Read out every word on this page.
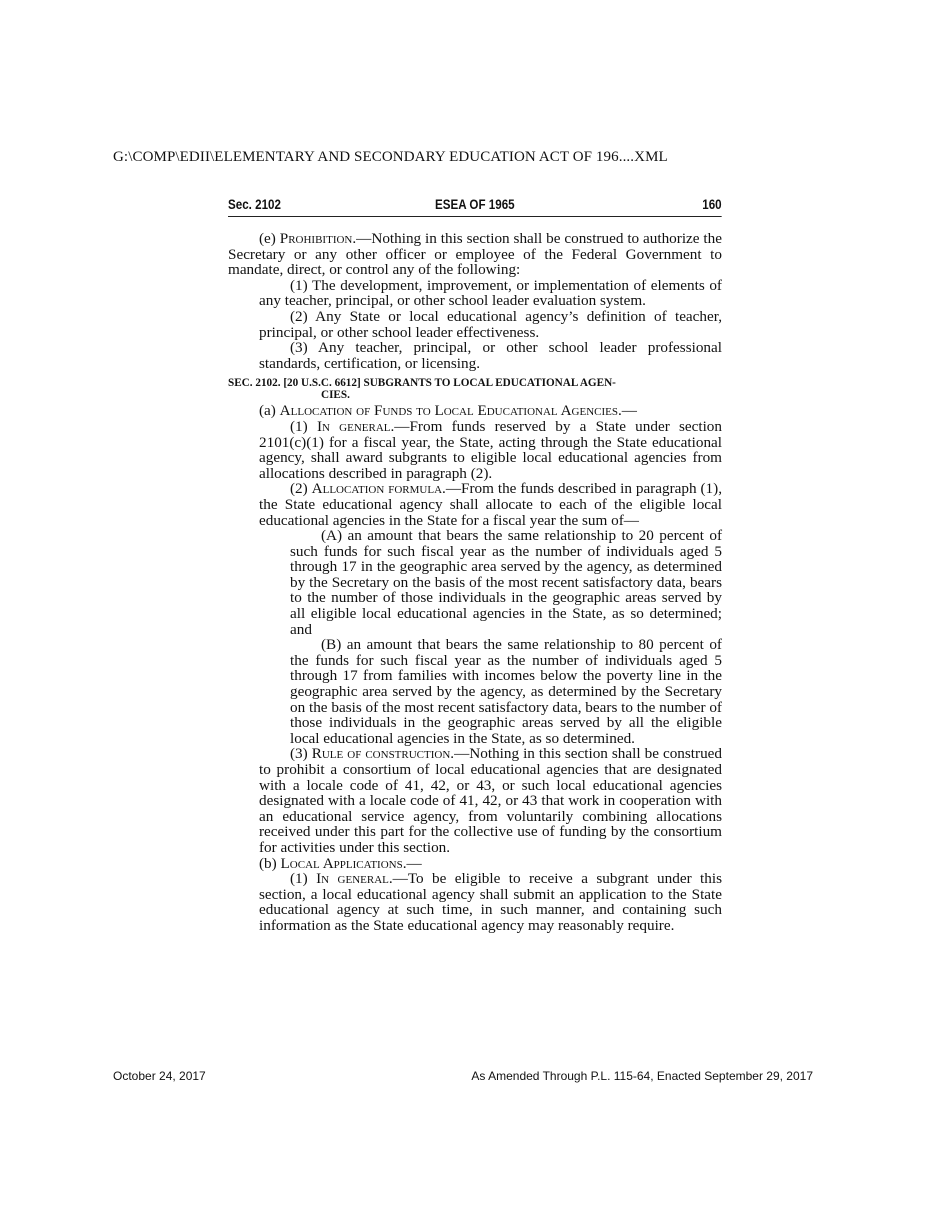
G:\COMP\EDII\ELEMENTARY AND SECONDARY EDUCATION ACT OF 196....XML
Sec. 2102	ESEA OF 1965	160

(e) Prohibition.—Nothing in this section shall be construed to authorize the Secretary or any other officer or employee of the Federal Government to mandate, direct, or control any of the following:

(1) The development, improvement, or implementation of elements of any teacher, principal, or other school leader evaluation system.

(2) Any State or local educational agency’s definition of teacher, principal, or other school leader effectiveness.

(3) Any teacher, principal, or other school leader professional standards, certification, or licensing.

SEC. 2102. [20 U.S.C. 6612] SUBGRANTS TO LOCAL EDUCATIONAL AGEN-
CIES.

(a) Allocation of Funds to Local Educational Agencies.—

(1) In general.—From funds reserved by a State under section 2101(c)(1) for a fiscal year, the State, acting through the State educational agency, shall award subgrants to eligible local educational agencies from allocations described in paragraph (2).

(2) Allocation formula.—From the funds described in paragraph (1), the State educational agency shall allocate to each of the eligible local educational agencies in the State for a fiscal year the sum of—

(A) an amount that bears the same relationship to 20 percent of such funds for such fiscal year as the number of individuals aged 5 through 17 in the geographic area served by the agency, as determined by the Secretary on the basis of the most recent satisfactory data, bears to the number of those individuals in the geographic areas served by all eligible local educational agencies in the State, as so determined; and

(B) an amount that bears the same relationship to 80 percent of the funds for such fiscal year as the number of individuals aged 5 through 17 from families with incomes below the poverty line in the geographic area served by the agency, as determined by the Secretary on the basis of the most recent satisfactory data, bears to the number of those individuals in the geographic areas served by all the eligible local educational agencies in the State, as so determined.

(3) Rule of construction.—Nothing in this section shall be construed to prohibit a consortium of local educational agencies that are designated with a locale code of 41, 42, or 43, or such local educational agencies designated with a locale code of 41, 42, or 43 that work in cooperation with an educational service agency, from voluntarily combining allocations received under this part for the collective use of funding by the consortium for activities under this section.

(b) Local Applications.—

(1) In general.—To be eligible to receive a subgrant under this section, a local educational agency shall submit an application to the State educational agency at such time, in such manner, and containing such information as the State educational agency may reasonably require.

October 24, 2017	As Amended Through P.L. 115-64, Enacted September 29, 2017
